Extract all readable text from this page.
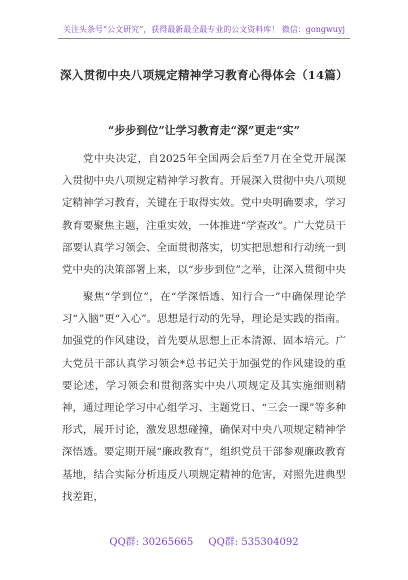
关注头条号“公文研究”，获得最新最全最专业的公文资料库！ 微信：gongwuyj
深入贯彻中央八项规定精神学习教育心得体会（14篇）
“步步到位”让学习教育走“深”更走“实”

党中央决定，自2025年全国两会后至7月在全党开展深入贯彻中央八项规定精神学习教育。开展深入贯彻中央八项规定精神学习教育，关键在于取得实效。党中央明确要求，学习教育要聚焦主题，注重实效，一体推进“学查改”。广大党员干部要认真学习领会、全面贯彻落实，切实把思想和行动统一到党中央的决策部署上来，以“步步到位”之举，让深入贯彻中央

聚焦“学到位”，在“学深悟透、知行合一”中确保理论学习“入脑”更“入心”。思想是行动的先导，理论是实践的指南。加强党的作风建设，首先要从思想上正本清源、固本培元。广大党员干部认真学习领会*总书记关于加强党的作风建设的重要论述，学习领会和贯彻落实中央八项规定及其实施细则精神，通过理论学习中心组学习、主题党日、“三会一课”等多种形式，展开讨论，激发思想碰撞，确保对中央八项规定精神学深悟透。要定期开展“廉政教育”，组织党员干部参观廉政教育基地，结合实际分析违反八项规定精神的危害，对照先进典型找差距，

QQ群: 30265665 QQ群: 535304092
